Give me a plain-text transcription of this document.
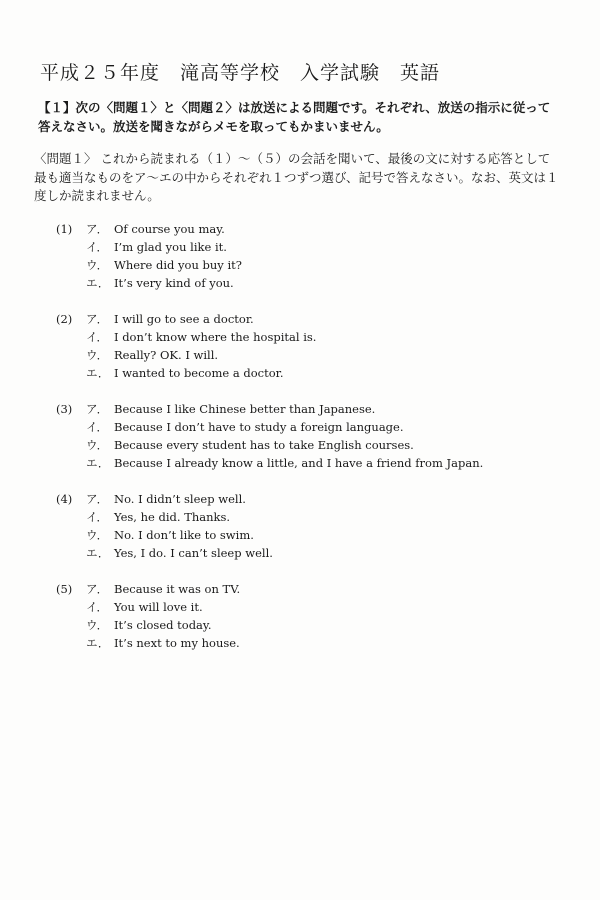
平成２５年度　滝高等学校　入学試験　英語

【１】次の〈問題１〉と〈問題２〉は放送による問題です。それぞれ、放送の指示に従って答えなさい。放送を聞きながらメモを取ってもかまいません。

〈問題１〉 これから読まれる（１）～（５）の会話を聞いて、最後の文に対する応答として最も適当なものをア～エの中からそれぞれ１つずつ選び、記号で答えなさい。なお、英文は１度しか読まれません。

(1)	ア． Of course you may.
イ． I’m glad you like it.
ウ． Where did you buy it?
エ． It’s very kind of you.
(2)	ア． I will go to see a doctor.
イ． I don’t know where the hospital is.
ウ． Really? OK. I will.
エ． I wanted to become a doctor.
(3)	ア． Because I like Chinese better than Japanese.
イ． Because I don’t have to study a foreign language.
ウ． Because every student has to take English courses.
エ． Because I already know a little, and I have a friend from Japan.
(4)	ア． No. I didn’t sleep well.
イ． Yes, he did. Thanks.
ウ． No. I don’t like to swim.
エ． Yes, I do. I can’t sleep well.
(5)	ア． Because it was on TV.
イ． You will love it.
ウ． It’s closed today.
エ． It’s next to my house.
